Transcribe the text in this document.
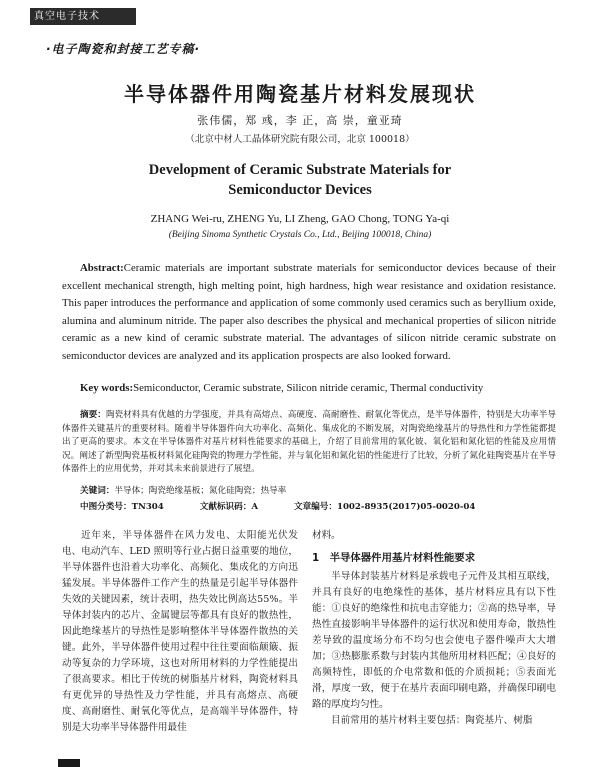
真空电子技术
·电子陶瓷和封接工艺专稿·
半导体器件用陶瓷基片材料发展现状
张伟儒，郑 彧，李 正，高 崇，童亚琦
（北京中材人工晶体研究院有限公司，北京 100018）
Development of Ceramic Substrate Materials for
Semiconductor Devices
ZHANG Wei-ru, ZHENG Yu, LI Zheng, GAO Chong, TONG Ya-qi
(Beijing Sinoma Synthetic Crystals Co., Ltd., Beijing 100018, China)
Abstract:Ceramic materials are important substrate materials for semiconductor devices because of their excellent mechanical strength, high melting point, high hardness, high wear resistance and oxidation resistance. This paper introduces the performance and application of some commonly used ceramics such as beryllium oxide, alumina and aluminum nitride. The paper also describes the physical and mechanical properties of silicon nitride ceramic as a new kind of ceramic substrate material. The advantages of silicon nitride ceramic substrate on semiconductor devices are analyzed and its application prospects are also looked forward.
Key words:Semiconductor, Ceramic substrate, Silicon nitride ceramic, Thermal conductivity
摘要：陶瓷材料具有优越的力学强度，并具有高熔点、高硬度、高耐磨性、耐氧化等优点，是半导体器件，特别是大功率半导体器件关键基片的重要材料。随着半导体器件向大功率化、高频化、集成化的不断发展，对陶瓷绝缘基片的导热性和力学性能都提出了更高的要求。本文在半导体器件对基片材料性能要求的基础上，介绍了目前常用的氧化铍、氧化铝和氮化铝的性能及应用情况。阐述了新型陶瓷基板材料氮化硅陶瓷的物理力学性能，并与氧化铝和氮化铝的性能进行了比较，分析了氮化硅陶瓷基片在半导体器件上的应用优势，并对其未来前景进行了展望。
关键词：半导体；陶瓷绝缘基板；氮化硅陶瓷；热导率
中图分类号：TN304	文献标识码：A	文章编号：1002-8935(2017)05-0020-04
近年来，半导体器件在风力发电、太阳能光伏发电、电动汽车、LED 照明等行业占据日益重要的地位，半导体器件也沿着大功率化、高频化、集成化的方向迅猛发展。半导体器件工作产生的热量是引起半导体器件失效的关键因素，统计表明，热失效比例高达55%。半导体封装内的芯片、金属键层等都具有良好的散热性，因此绝缘基片的导热性是影响整体半导体器件散热的关键。此外，半导体器件使用过程中往往要面临颠簸、振动等复杂的力学环境，这也对所用材料的力学性能提出了很高要求。相比于传统的树脂基片材料，陶瓷材料具有更优异的导热性及力学性能，并具有高熔点、高硬度、高耐磨性、耐氧化等优点，是高端半导体器件，特别是大功率半导体器件用最佳
材料。
1　半导体器件用基片材料性能要求
半导体封装基片材料是承载电子元件及其相互联线，并具有良好的电绝缘性的基体，基片材料应具有以下性能：①良好的绝缘性和抗电击穿能力；②高的热导率，导热性直接影响半导体器件的运行状况和使用寿命，散热性差导致的温度场分布不均匀也会使电子器件噪声大大增加；③热膨胀系数与封装内其他所用材料匹配；④良好的高频特性，即低的介电常数和低的介质损耗；⑤表面光滑，厚度一致，便于在基片表面印刷电路，并确保印刷电路的厚度均匀性。
目前常用的基片材料主要包括：陶瓷基片、树脂
